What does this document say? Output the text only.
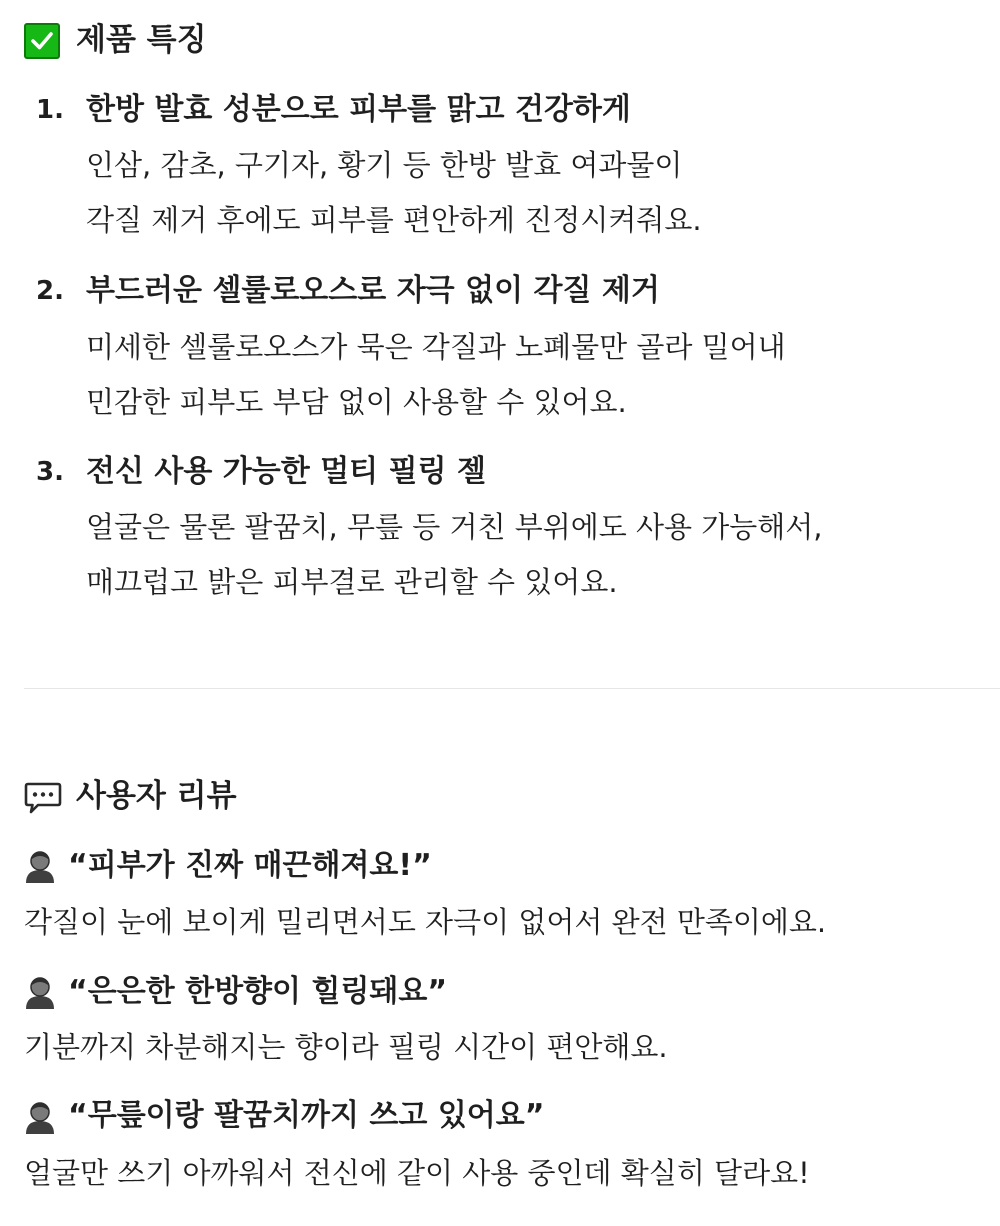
제품 특징
1. 한방 발효 성분으로 피부를 맑고 건강하게
인삼, 감초, 구기자, 황기 등 한방 발효 여과물이
각질 제거 후에도 피부를 편안하게 진정시켜줘요.
2. 부드러운 셀룰로오스로 자극 없이 각질 제거
미세한 셀룰로오스가 묵은 각질과 노폐물만 골라 밀어내
민감한 피부도 부담 없이 사용할 수 있어요.
3. 전신 사용 가능한 멀티 필링 젤
얼굴은 물론 팔꿈치, 무릎 등 거친 부위에도 사용 가능해서,
매끄럽고 밝은 피부결로 관리할 수 있어요.
사용자 리뷰
“피부가 진짜 매끈해져요!”
각질이 눈에 보이게 밀리면서도 자극이 없어서 완전 만족이에요.
“은은한 한방향이 힐링돼요”
기분까지 차분해지는 향이라 필링 시간이 편안해요.
“무릎이랑 팔꿈치까지 쓰고 있어요”
얼굴만 쓰기 아까워서 전신에 같이 사용 중인데 확실히 달라요!
